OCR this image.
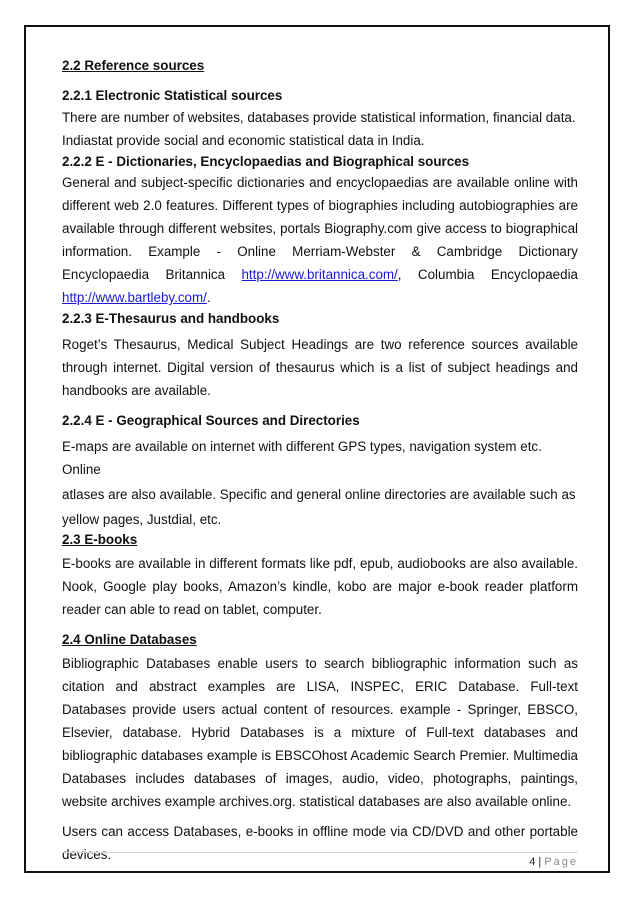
2.2 Reference sources

2.2.1 Electronic Statistical sources

There are number of websites, databases provide statistical information, financial data. Indiastat provide social and economic statistical data in India.

2.2.2 E - Dictionaries, Encyclopaedias and Biographical sources

General and subject-specific dictionaries and encyclopaedias are available online with different web 2.0 features. Different types of biographies including autobiographies are available through different websites, portals Biography.com give access to biographical information. Example - Online Merriam-Webster & Cambridge Dictionary Encyclopaedia Britannica http://www.britannica.com/, Columbia Encyclopaedia http://www.bartleby.com/.

2.2.3 E-Thesaurus and handbooks

Roget’s Thesaurus, Medical Subject Headings are two reference sources available through internet. Digital version of thesaurus which is a list of subject headings and handbooks are available.

2.2.4 E - Geographical Sources and Directories

E-maps are available on internet with different GPS types, navigation system etc. Online

atlases are also available. Specific and general online directories are available such as

yellow pages, Justdial, etc.

2.3 E-books

E-books are available in different formats like pdf, epub, audiobooks are also available. Nook, Google play books, Amazon’s kindle, kobo are major e-book reader platform reader can able to read on tablet, computer.

2.4 Online Databases

Bibliographic Databases enable users to search bibliographic information such as citation and abstract examples are LISA, INSPEC, ERIC Database. Full-text Databases provide users actual content of resources. example - Springer, EBSCO, Elsevier, database. Hybrid Databases is a mixture of Full-text databases and bibliographic databases example is EBSCOhost Academic Search Premier. Multimedia Databases includes databases of images, audio, video, photographs, paintings, website archives example archives.org. statistical databases are also available online.

Users can access Databases, e-books in offline mode via CD/DVD and other portable devices.	4 | Page
